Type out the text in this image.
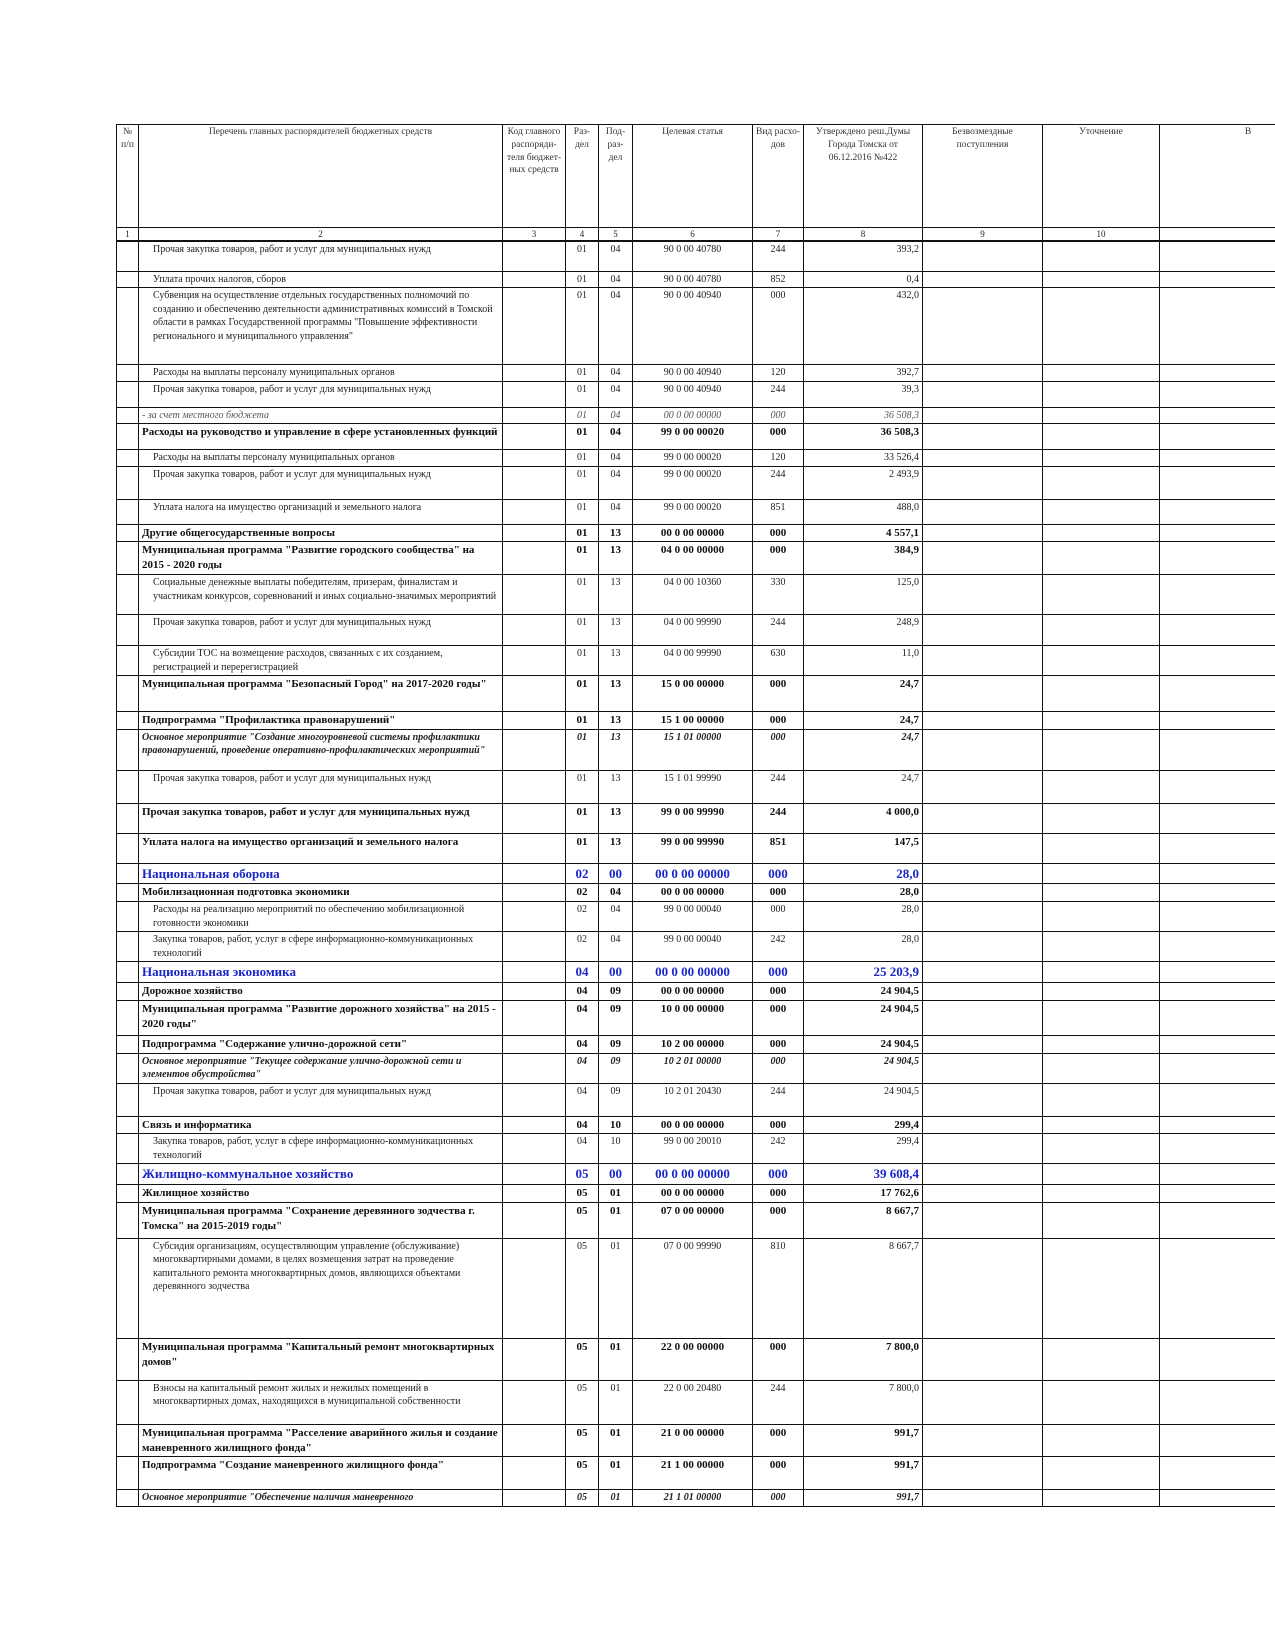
№ п/п	Перечень главных распорядителей бюджетных средств	Код главного распоряди-теля бюджет-ных средств	Раз-дел	Под-раз-дел	Целевая статья	Вид расхо-дов	Утверждено реш.Думы Города Томска от 06.12.2016 №422	Безвозмездные поступления	Уточнение	В
1	2	3	4	5	6	7	8	9	10	
	Прочая закупка товаров, работ и услуг для муниципальных нужд		01	04	90 0 00 40780	244	393,2			
	Уплата прочих налогов, сборов		01	04	90 0 00 40780	852	0,4			
	Субвенция на осуществление отдельных государственных полномочий по созданию и обеспечению деятельности административных комиссий в Томской области в рамках Государственной программы "Повышение эффективности регионального и муниципального управления"		01	04	90 0 00 40940	000	432,0			
	Расходы на выплаты персоналу муниципальных органов		01	04	90 0 00 40940	120	392,7			
	Прочая закупка товаров, работ и услуг для муниципальных нужд		01	04	90 0 00 40940	244	39,3			
	- за счет местного бюджета		01	04	00 0 00 00000	000	36 508,3			
	Расходы на руководство и управление в сфере установленных функций		01	04	99 0 00 00020	000	36 508,3			
	Расходы на выплаты персоналу муниципальных органов		01	04	99 0 00 00020	120	33 526,4			
	Прочая закупка товаров, работ и услуг для муниципальных нужд		01	04	99 0 00 00020	244	2 493,9			
	Уплата налога на имущество организаций и земельного налога		01	04	99 0 00 00020	851	488,0			
	Другие общегосударственные вопросы		01	13	00 0 00 00000	000	4 557,1			
	Муниципальная программа "Развитие городского сообщества" на 2015 - 2020 годы		01	13	04 0 00 00000	000	384,9			
	Социальные денежные выплаты победителям, призерам, финалистам и участникам конкурсов, соревнований и иных социально-значимых мероприятий		01	13	04 0 00 10360	330	125,0			
	Прочая закупка товаров, работ и услуг для муниципальных нужд		01	13	04 0 00 99990	244	248,9			
	Субсидии ТОС на возмещение расходов, связанных с их созданием, регистрацией и перерегистрацией		01	13	04 0 00 99990	630	11,0			
	Муниципальная программа "Безопасный Город" на 2017-2020 годы"		01	13	15 0 00 00000	000	24,7			
	Подпрограмма "Профилактика правонарушений"		01	13	15 1 00 00000	000	24,7			
	Основное мероприятие "Создание многоуровневой системы профилактики правонарушений, проведение оперативно-профилактических мероприятий"		01	13	15 1 01 00000	000	24,7			
	Прочая закупка товаров, работ и услуг для муниципальных нужд		01	13	15 1 01 99990	244	24,7			
	Прочая закупка товаров, работ и услуг для муниципальных нужд		01	13	99 0 00 99990	244	4 000,0			
	Уплата налога на имущество организаций и земельного налога		01	13	99 0 00 99990	851	147,5			
	Национальная оборона		02	00	00 0 00 00000	000	28,0			
	Мобилизационная подготовка экономики		02	04	00 0 00 00000	000	28,0			
	Расходы на реализацию мероприятий по обеспечению мобилизационной готовности экономики		02	04	99 0 00 00040	000	28,0			
	Закупка товаров, работ, услуг в сфере информационно-коммуникационных технологий		02	04	99 0 00 00040	242	28,0			
	Национальная экономика		04	00	00 0 00 00000	000	25 203,9			
	Дорожное хозяйство		04	09	00 0 00 00000	000	24 904,5			
	Муниципальная программа "Развитие дорожного хозяйства" на 2015 - 2020 годы"		04	09	10 0 00 00000	000	24 904,5			
	Подпрограмма "Содержание улично-дорожной сети"		04	09	10 2 00 00000	000	24 904,5			
	Основное мероприятие "Текущее содержание улично-дорожной сети и элементов обустройства"		04	09	10 2 01 00000	000	24 904,5			
	Прочая закупка товаров, работ и услуг для муниципальных нужд		04	09	10 2 01 20430	244	24 904,5			
	Связь и информатика		04	10	00 0 00 00000	000	299,4			
	Закупка товаров, работ, услуг в сфере информационно-коммуникационных технологий		04	10	99 0 00 20010	242	299,4			
	Жилищно-коммунальное хозяйство		05	00	00 0 00 00000	000	39 608,4			
	Жилищное хозяйство		05	01	00 0 00 00000	000	17 762,6			
	Муниципальная программа "Сохранение деревянного зодчества г. Томска" на 2015-2019 годы"		05	01	07 0 00 00000	000	8 667,7			
	Субсидия организациям, осуществляющим управление (обслуживание) многоквартирными домами, в целях возмещения затрат на проведение капитального ремонта многоквартирных домов, являющихся объектами деревянного зодчества		05	01	07 0 00 99990	810	8 667,7			
	Муниципальная программа "Капитальный ремонт многоквартирных домов"		05	01	22 0 00 00000	000	7 800,0			
	Взносы на капитальный ремонт жилых и нежилых помещений в многоквартирных домах, находящихся в муниципальной собственности		05	01	22 0 00 20480	244	7 800,0			
	Муниципальная программа "Расселение аварийного жилья и создание маневренного жилищного фонда"		05	01	21 0 00 00000	000	991,7			
	Подпрограмма "Создание маневренного жилищного фонда"		05	01	21 1 00 00000	000	991,7			
	Основное мероприятие "Обеспечение наличия маневренного		05	01	21 1 01 00000	000	991,7			
